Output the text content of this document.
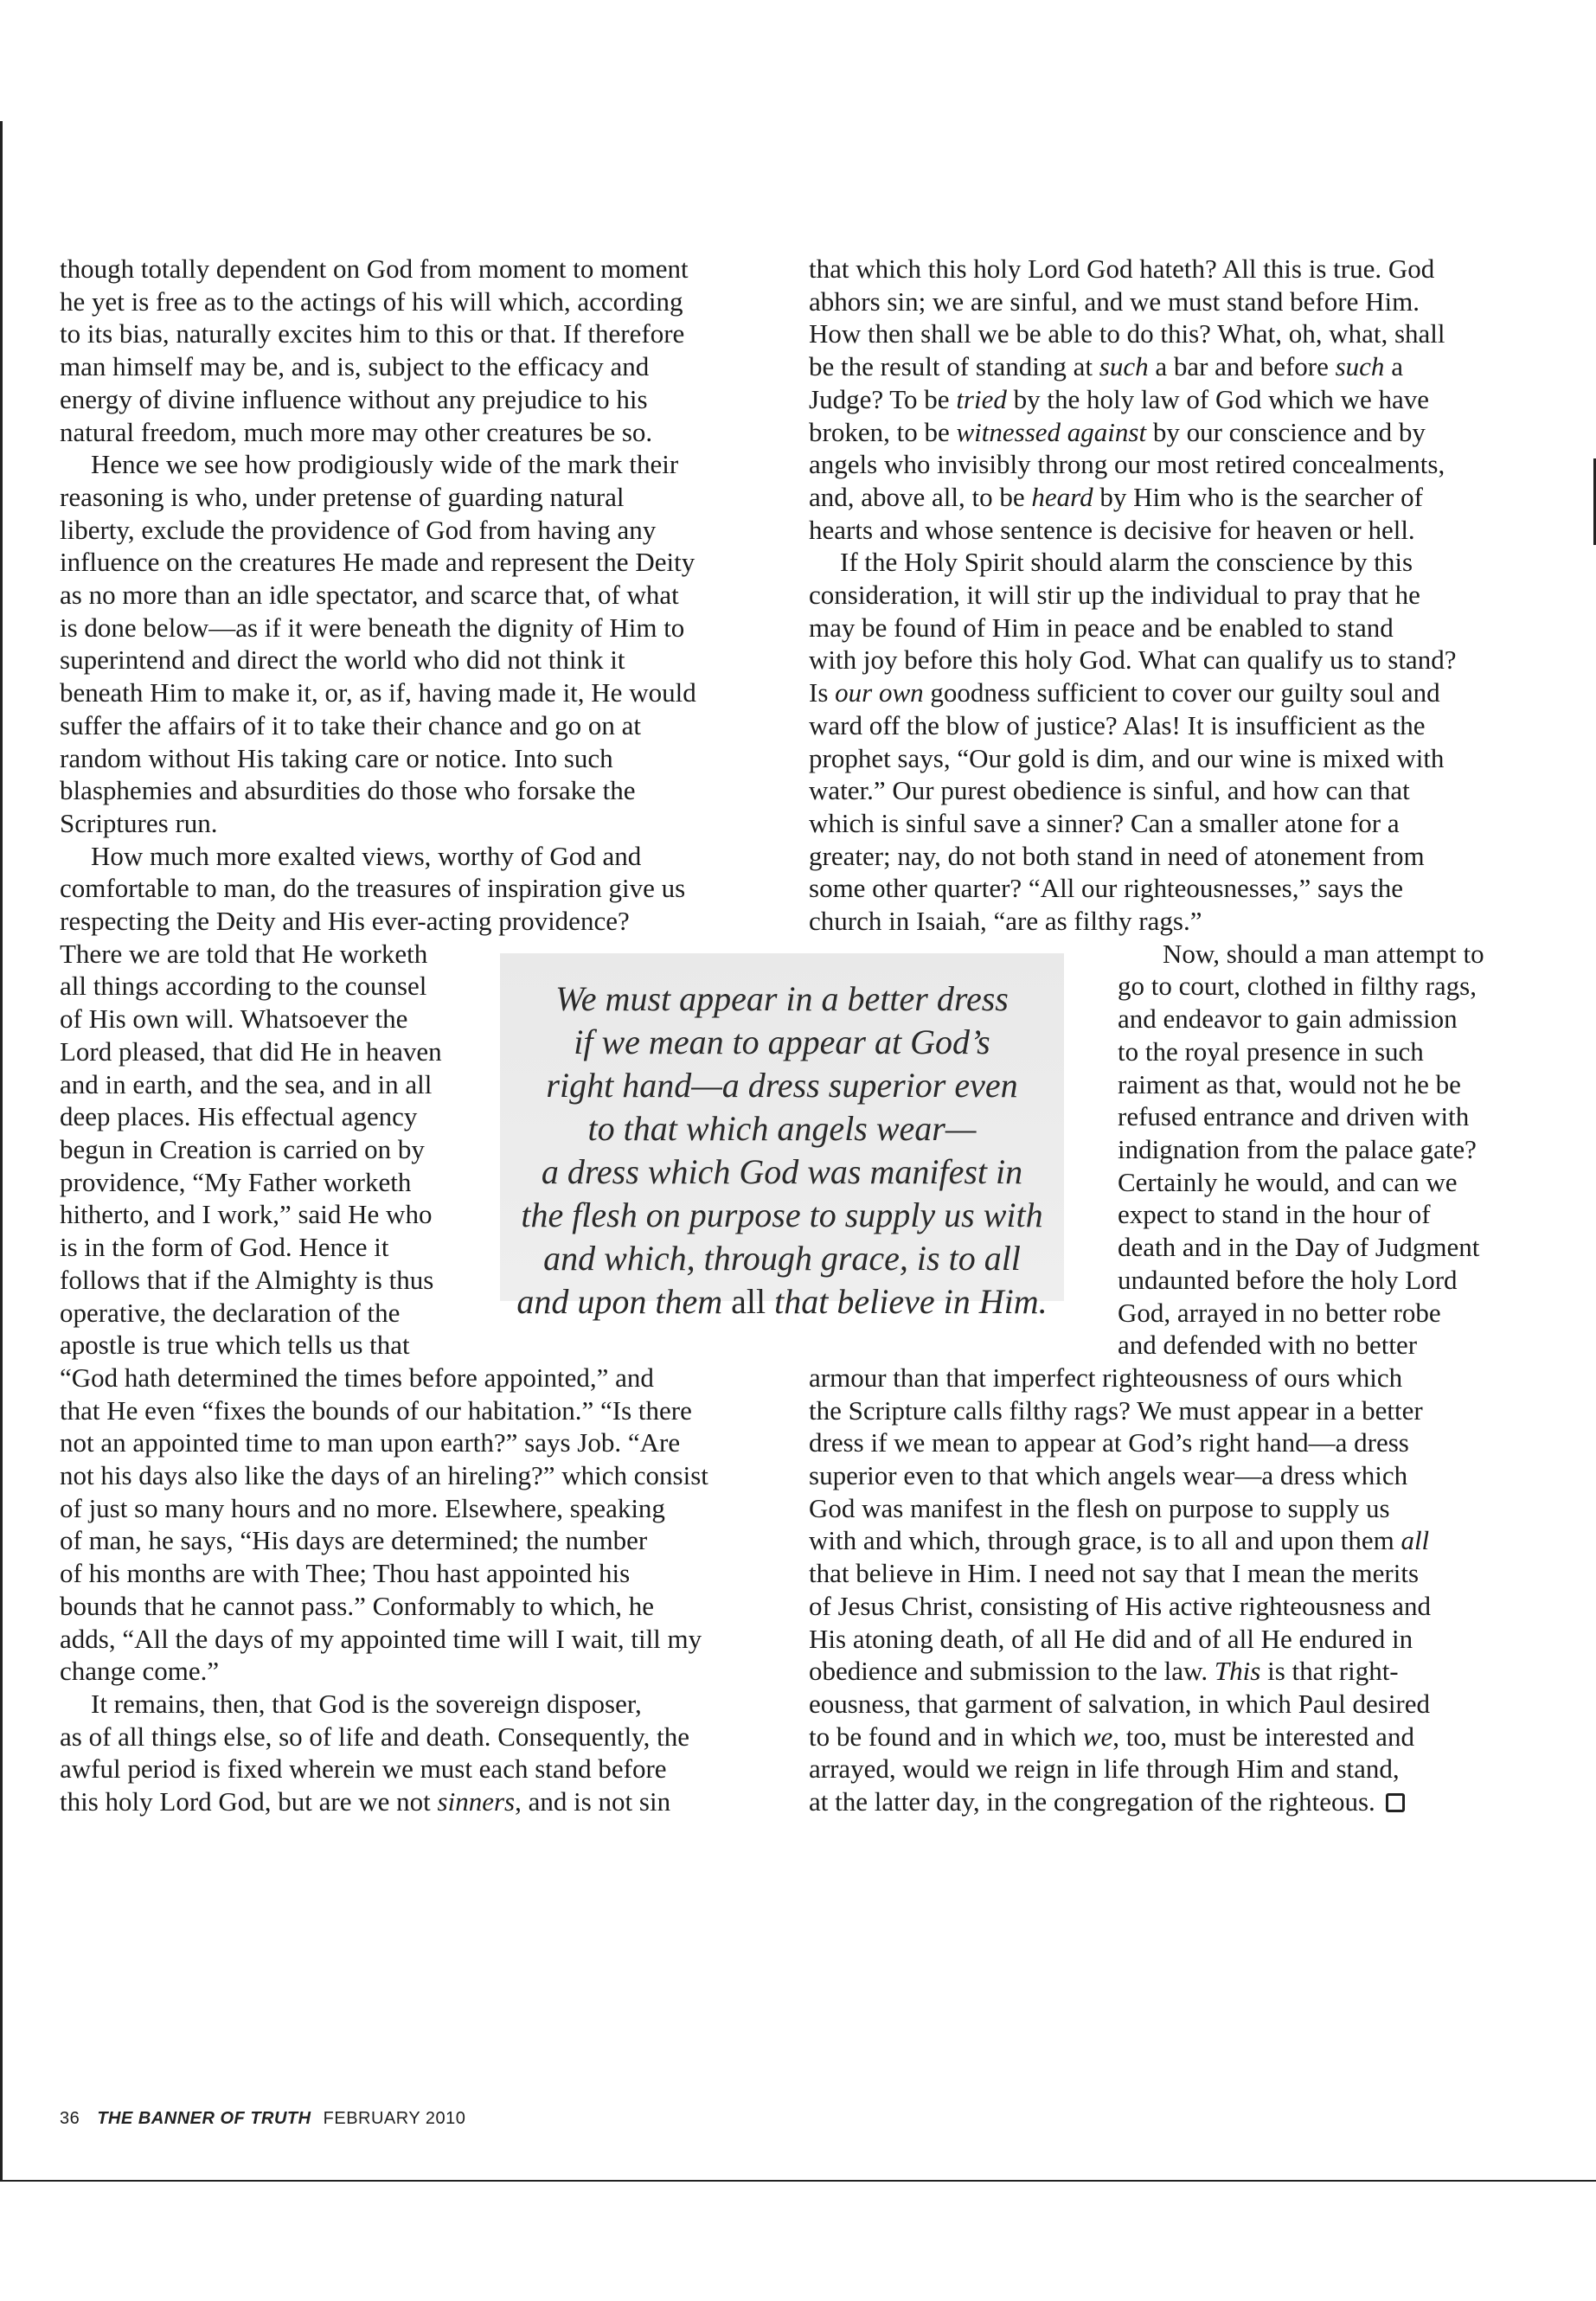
though totally dependent on God from moment to moment
he yet is free as to the actings of his will which, according
to its bias, naturally excites him to this or that. If therefore
man himself may be, and is, subject to the efficacy and
energy of divine influence without any prejudice to his
natural freedom, much more may other creatures be so.

Hence we see how prodigiously wide of the mark their
reasoning is who, under pretense of guarding natural
liberty, exclude the providence of God from having any
influence on the creatures He made and represent the Deity
as no more than an idle spectator, and scarce that, of what
is done below—as if it were beneath the dignity of Him to
superintend and direct the world who did not think it
beneath Him to make it, or, as if, having made it, He would
suffer the affairs of it to take their chance and go on at
random without His taking care or notice. Into such
blasphemies and absurdities do those who forsake the
Scriptures run.

How much more exalted views, worthy of God and
comfortable to man, do the treasures of inspiration give us
respecting the Deity and His ever-acting providence?
There we are told that He worketh
all things according to the counsel
of His own will. Whatsoever the
Lord pleased, that did He in heaven
and in earth, and the sea, and in all
deep places. His effectual agency
begun in Creation is carried on by
providence, “My Father worketh
hitherto, and I work,” said He who
is in the form of God. Hence it
follows that if the Almighty is thus
operative, the declaration of the
apostle is true which tells us that
“God hath determined the times before appointed,” and
that He even “fixes the bounds of our habitation.” “Is there
not an appointed time to man upon earth?” says Job. “Are
not his days also like the days of an hireling?” which consist
of just so many hours and no more. Elsewhere, speaking
of man, he says, “His days are determined; the number
of his months are with Thee; Thou hast appointed his
bounds that he cannot pass.” Conformably to which, he
adds, “All the days of my appointed time will I wait, till my
change come.”

It remains, then, that God is the sovereign disposer,
as of all things else, so of life and death. Consequently, the
awful period is fixed wherein we must each stand before
this holy Lord God, but are we not sinners, and is not sin

that which this holy Lord God hateth? All this is true. God
abhors sin; we are sinful, and we must stand before Him.
How then shall we be able to do this? What, oh, what, shall
be the result of standing at such a bar and before such a
Judge? To be tried by the holy law of God which we have
broken, to be witnessed against by our conscience and by
angels who invisibly throng our most retired concealments,
and, above all, to be heard by Him who is the searcher of
hearts and whose sentence is decisive for heaven or hell.

If the Holy Spirit should alarm the conscience by this
consideration, it will stir up the individual to pray that he
may be found of Him in peace and be enabled to stand
with joy before this holy God. What can qualify us to stand?
Is our own goodness sufficient to cover our guilty soul and
ward off the blow of justice? Alas! It is insufficient as the
prophet says, “Our gold is dim, and our wine is mixed with
water.” Our purest obedience is sinful, and how can that
which is sinful save a sinner? Can a smaller atone for a
greater; nay, do not both stand in need of atonement from
some other quarter? “All our righteousnesses,” says the
church in Isaiah, “are as filthy rags.”

Now, should a man attempt to
go to court, clothed in filthy rags,
and endeavor to gain admission
to the royal presence in such
raiment as that, would not he be
refused entrance and driven with
indignation from the palace gate?
Certainly he would, and can we
expect to stand in the hour of
death and in the Day of Judgment
undaunted before the holy Lord
God, arrayed in no better robe
and defended with no better
armour than that imperfect righteousness of ours which
the Scripture calls filthy rags? We must appear in a better
dress if we mean to appear at God’s right hand—a dress
superior even to that which angels wear—a dress which
God was manifest in the flesh on purpose to supply us
with and which, through grace, is to all and upon them all
that believe in Him. I need not say that I mean the merits
of Jesus Christ, consisting of His active righteousness and
His atoning death, of all He did and of all He endured in
obedience and submission to the law. This is that right-
eousness, that garment of salvation, in which Paul desired
to be found and in which we, too, must be interested and
arrayed, would we reign in life through Him and stand,
at the latter day, in the congregation of the righteous.

We must appear in a better dress
if we mean to appear at God’s
right hand—a dress superior even
to that which angels wear—
a dress which God was manifest in
the flesh on purpose to supply us with
and which, through grace, is to all
and upon them all that believe in Him.
36 THE BANNER OF TRUTH FEBRUARY 2010
